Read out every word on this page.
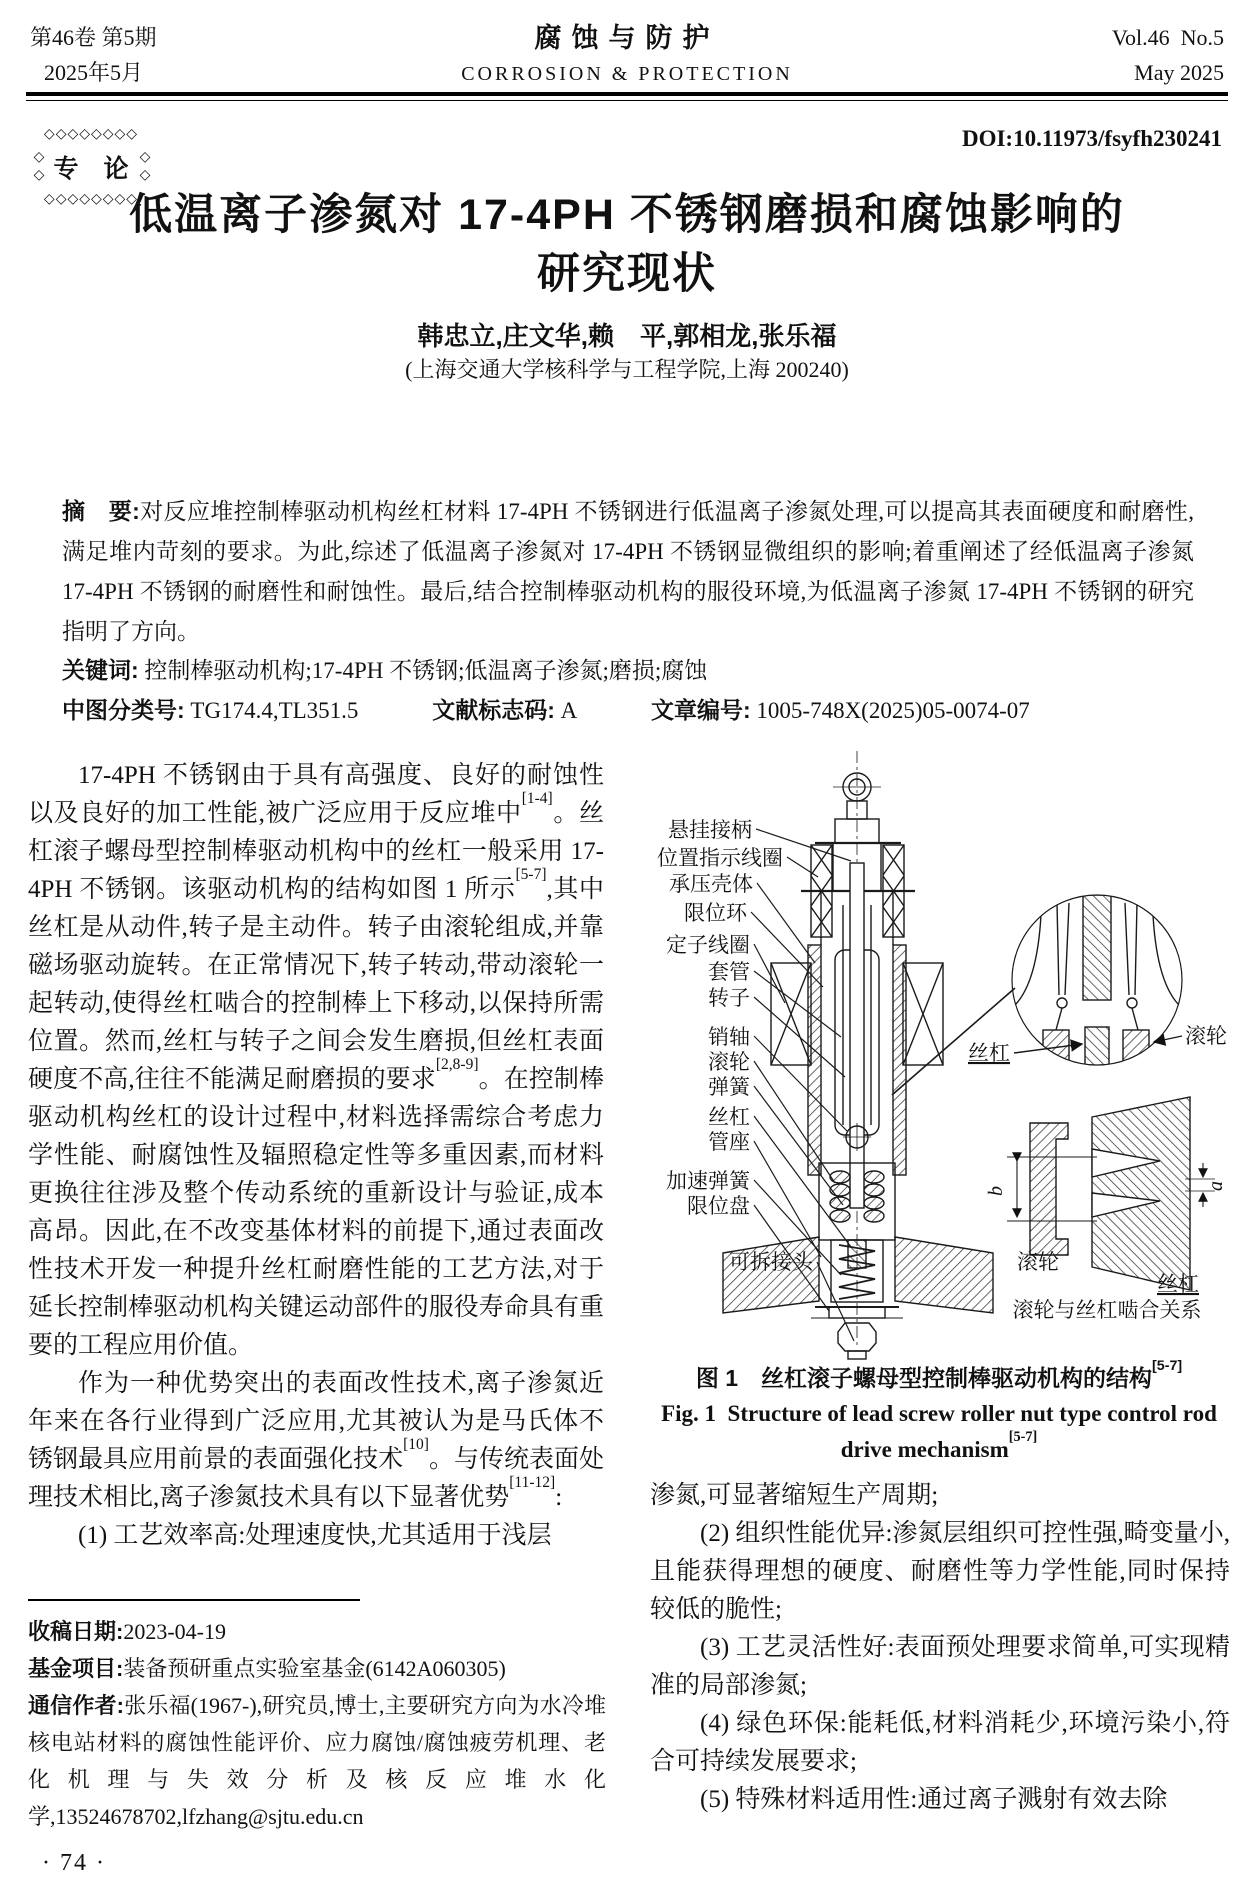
第46卷 第5期
2025年5月
腐蚀与防护
CORROSION & PROTECTION
Vol.46  No.5
May 2025
DOI:10.11973/fsyfh230241
◇◇◇◇◇◇◇◇
◇◇◇◇◇◇◇◇
◇◇	◇◇
专　论
低温离子渗氮对 17-4PH 不锈钢磨损和腐蚀影响的
研究现状
韩忠立,庄文华,赖　平,郭相龙,张乐福
(上海交通大学核科学与工程学院,上海 200240)
摘　要:对反应堆控制棒驱动机构丝杠材料 17-4PH 不锈钢进行低温离子渗氮处理,可以提高其表面硬度和耐磨性,满足堆内苛刻的要求。为此,综述了低温离子渗氮对 17-4PH 不锈钢显微组织的影响;着重阐述了经低温离子渗氮 17-4PH 不锈钢的耐磨性和耐蚀性。最后,结合控制棒驱动机构的服役环境,为低温离子渗氮 17-4PH 不锈钢的研究指明了方向。
关键词: 控制棒驱动机构;17-4PH 不锈钢;低温离子渗氮;磨损;腐蚀
中图分类号: TG174.4,TL351.5	文献标志码: A	文章编号: 1005-748X(2025)05-0074-07

17-4PH 不锈钢由于具有高强度、良好的耐蚀性以及良好的加工性能,被广泛应用于反应堆中[1-4]。丝杠滚子螺母型控制棒驱动机构中的丝杠一般采用 17-4PH 不锈钢。该驱动机构的结构如图 1 所示[5-7],其中丝杠是从动件,转子是主动件。转子由滚轮组成,并靠磁场驱动旋转。在正常情况下,转子转动,带动滚轮一起转动,使得丝杠啮合的控制棒上下移动,以保持所需位置。然而,丝杠与转子之间会发生磨损,但丝杠表面硬度不高,往往不能满足耐磨损的要求[2,8-9]。在控制棒驱动机构丝杠的设计过程中,材料选择需综合考虑力学性能、耐腐蚀性及辐照稳定性等多重因素,而材料更换往往涉及整个传动系统的重新设计与验证,成本高昂。因此,在不改变基体材料的前提下,通过表面改性技术开发一种提升丝杠耐磨性能的工艺方法,对于延长控制棒驱动机构关键运动部件的服役寿命具有重要的工程应用价值。

作为一种优势突出的表面改性技术,离子渗氮近年来在各行业得到广泛应用,尤其被认为是马氏体不锈钢最具应用前景的表面强化技术[10]。与传统表面处理技术相比,离子渗氮技术具有以下显著优势[11-12]:

(1) 工艺效率高:处理速度快,尤其适用于浅层

悬挂接柄
位置指示线圈
承压壳体
限位环
定子线圈
套管
转子
销轴
滚轮
弹簧
丝杠
管座
加速弹簧
限位盘
可拆接头
丝杠
滚轮
b	a
滚轮
丝杠
滚轮与丝杠啮合关系
图 1　丝杠滚子螺母型控制棒驱动机构的结构[5-7]
Fig. 1  Structure of lead screw roller nut type control rod
drive mechanism[5-7]

渗氮,可显著缩短生产周期;

(2) 组织性能优异:渗氮层组织可控性强,畸变量小,且能获得理想的硬度、耐磨性等力学性能,同时保持较低的脆性;

(3) 工艺灵活性好:表面预处理要求简单,可实现精准的局部渗氮;

(4) 绿色环保:能耗低,材料消耗少,环境污染小,符合可持续发展要求;

(5) 特殊材料适用性:通过离子溅射有效去除

收稿日期:2023-04-19

基金项目:装备预研重点实验室基金(6142A060305)

通信作者:张乐福(1967-),研究员,博士,主要研究方向为水冷堆核电站材料的腐蚀性能评价、应力腐蚀/腐蚀疲劳机理、老化机理与失效分析及核反应堆水化学,13524678702,lfzhang@sjtu.edu.cn

· 74 ·
